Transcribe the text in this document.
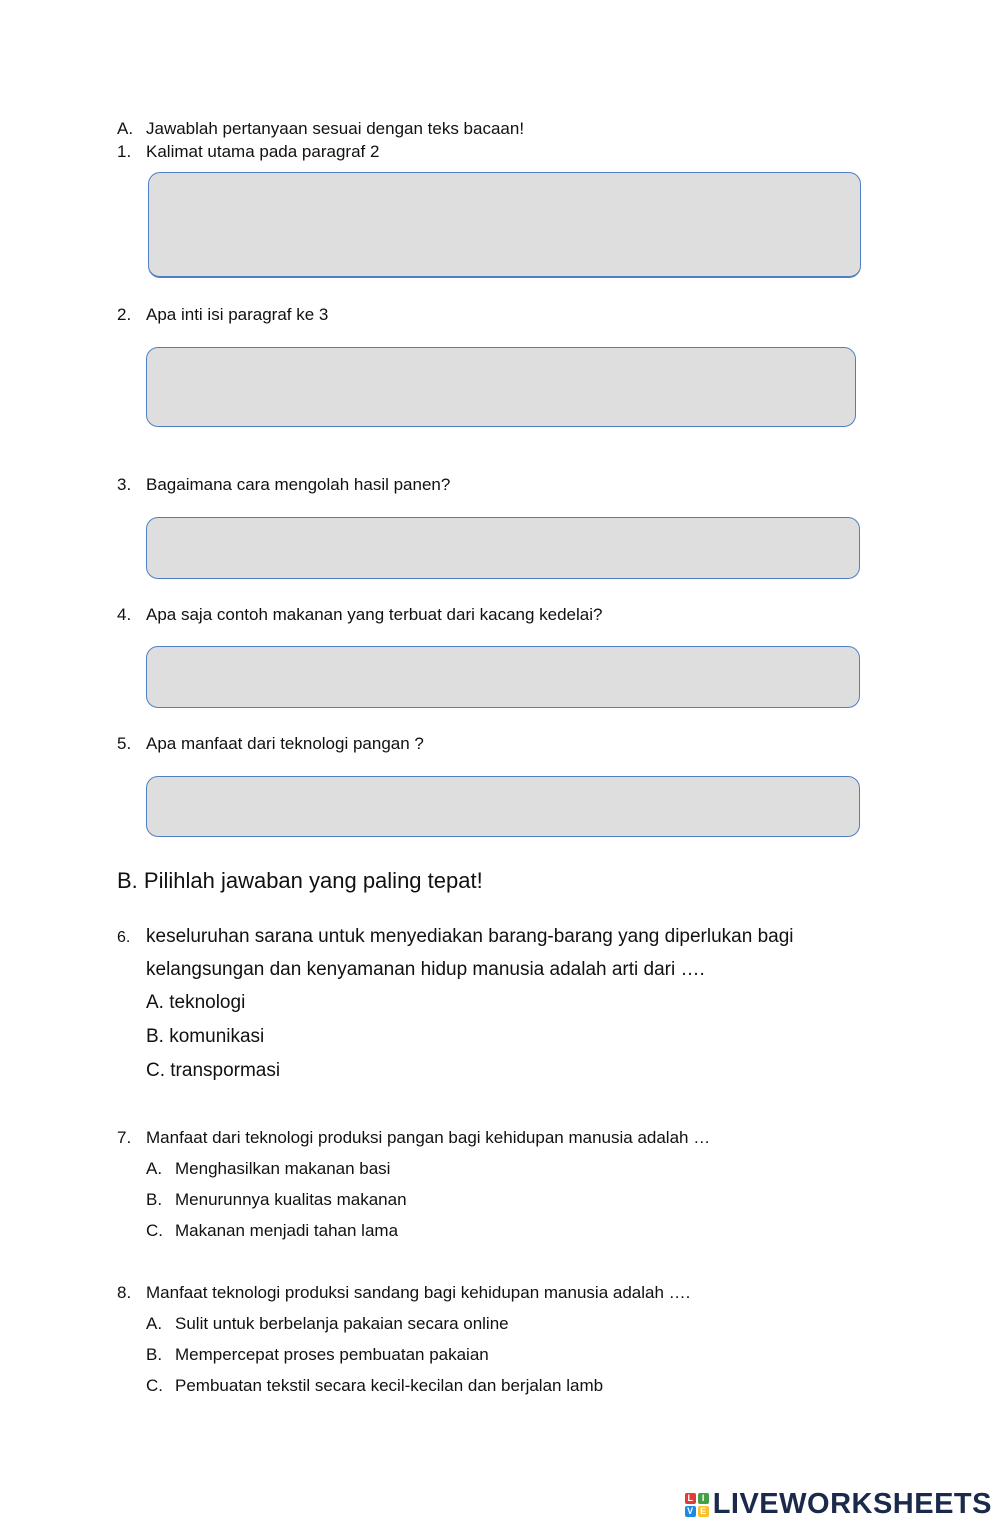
A. Jawablah pertanyaan sesuai dengan teks bacaan!
1. Kalimat utama pada paragraf 2
2. Apa inti isi paragraf ke 3
3. Bagaimana cara mengolah hasil panen?
4. Apa saja contoh makanan yang terbuat dari kacang kedelai?
5. Apa manfaat dari teknologi pangan ?
B. Pilihlah jawaban yang paling tepat!
6. keseluruhan sarana untuk menyediakan barang-barang yang diperlukan bagi
kelangsungan dan kenyamanan hidup manusia adalah arti dari ….
A. teknologi
B. komunikasi
C. transpormasi
7. Manfaat dari teknologi produksi pangan bagi kehidupan manusia adalah …
A. Menghasilkan makanan basi
B. Menurunnya kualitas makanan
C. Makanan menjadi tahan lama
8. Manfaat teknologi produksi sandang bagi kehidupan manusia adalah ….
A. Sulit untuk berbelanja pakaian secara online
B. Mempercepat proses pembuatan pakaian
C. Pembuatan tekstil secara kecil-kecilan dan berjalan lamb
L I
V E LIVEWORKSHEETS
